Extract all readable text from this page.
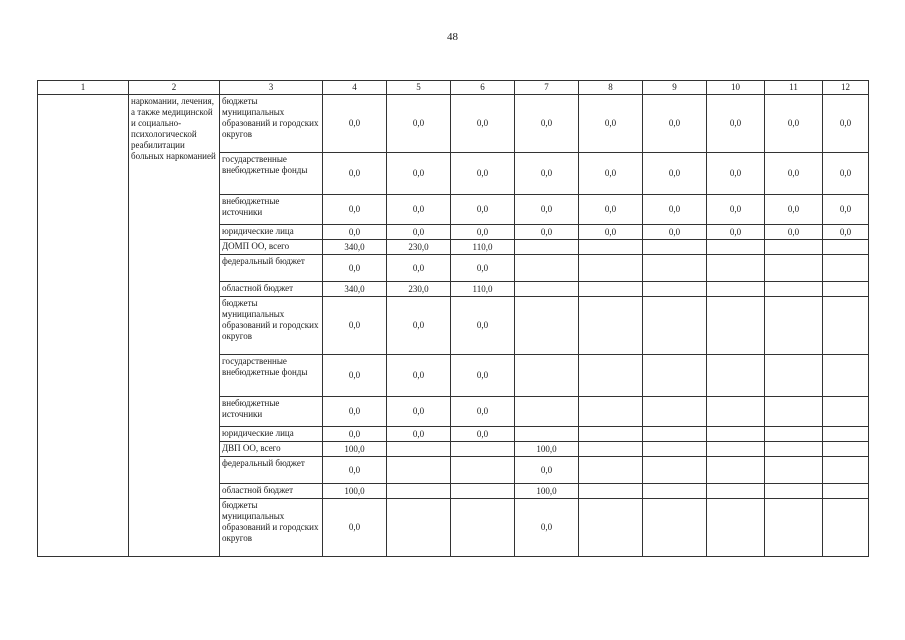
48
1	2	3	4	5	6	7	8	9	10	11	12
	наркомании, лечения, а также медицинской и социально-психологической реабилитации больных наркоманией	бюджеты муниципальных образований и городских округов	0,0	0,0	0,0	0,0	0,0	0,0	0,0	0,0	0,0
		государственные внебюджетные фонды	0,0	0,0	0,0	0,0	0,0	0,0	0,0	0,0	0,0
		внебюджетные источники	0,0	0,0	0,0	0,0	0,0	0,0	0,0	0,0	0,0
		юридические лица	0,0	0,0	0,0	0,0	0,0	0,0	0,0	0,0	0,0
		ДОМП ОО, всего	340,0	230,0	110,0						
		федеральный бюджет	0,0	0,0	0,0						
		областной бюджет	340,0	230,0	110,0						
		бюджеты муниципальных образований и городских округов	0,0	0,0	0,0						
		государственные внебюджетные фонды	0,0	0,0	0,0						
		внебюджетные источники	0,0	0,0	0,0						
		юридические лица	0,0	0,0	0,0						
		ДВП ОО, всего	100,0			100,0					
		федеральный бюджет	0,0			0,0					
		областной бюджет	100,0			100,0					
		бюджеты муниципальных образований и городских округов	0,0			0,0					
